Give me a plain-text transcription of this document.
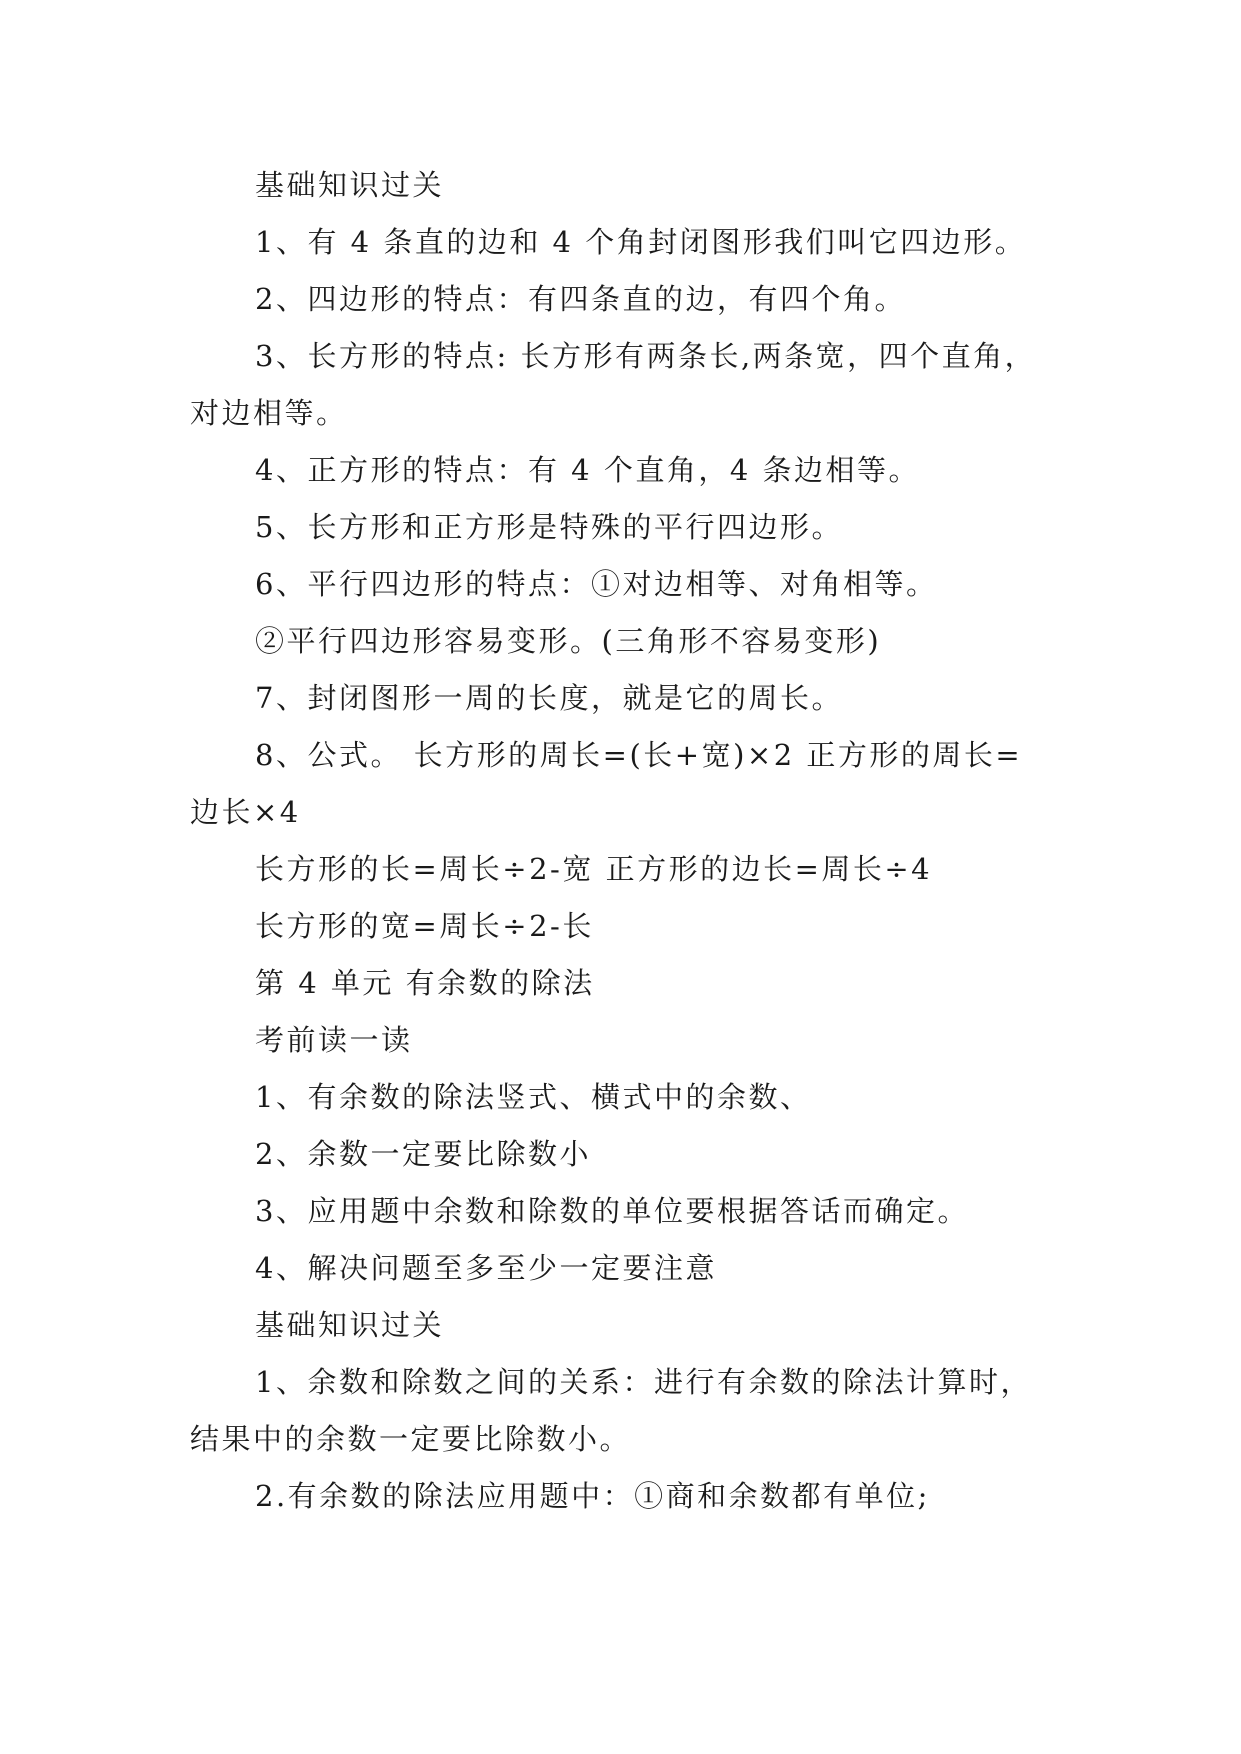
基础知识过关
1、有 4 条直的边和 4 个角封闭图形我们叫它四边形。
2、四边形的特点：有四条直的边，有四个角。
3、长方形的特点: 长方形有两条长,两条宽，四个直角，
对边相等。
4、正方形的特点：有 4 个直角，4 条边相等。
5、长方形和正方形是特殊的平行四边形。
6、平行四边形的特点：①对边相等、对角相等。
②平行四边形容易变形。(三角形不容易变形)
7、封闭图形一周的长度，就是它的周长。
8、公式。 长方形的周长=(长+宽)×2 正方形的周长=
边长×4
长方形的长=周长÷2-宽 正方形的边长=周长÷4
长方形的宽=周长÷2-长
第 4 单元 有余数的除法
考前读一读
1、有余数的除法竖式、横式中的余数、
2、余数一定要比除数小
3、应用题中余数和除数的单位要根据答话而确定。
4、解决问题至多至少一定要注意
基础知识过关
1、余数和除数之间的关系：进行有余数的除法计算时，
结果中的余数一定要比除数小。
2.有余数的除法应用题中：①商和余数都有单位;
